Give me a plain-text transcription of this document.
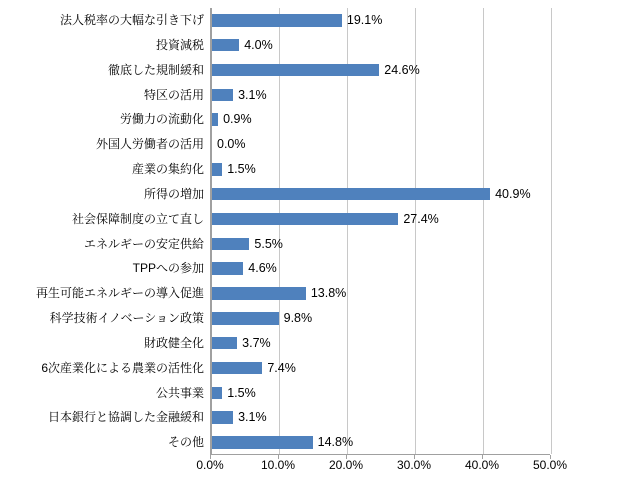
法人税率の大幅な引き下げ	19.1%
投資減税	4.0%
徹底した規制緩和	24.6%
特区の活用	3.1%
労働力の流動化	0.9%
外国人労働者の活用	0.0%
産業の集約化	1.5%
所得の増加	40.9%
社会保障制度の立て直し	27.4%
エネルギーの安定供給	5.5%
TPPへの参加	4.6%
再生可能エネルギーの導入促進	13.8%
科学技術イノベーション政策	9.8%
財政健全化	3.7%
6次産業化による農業の活性化	7.4%
公共事業	1.5%
日本銀行と協調した金融緩和	3.1%
その他	14.8%
0.0%	10.0%	20.0%	30.0%	40.0%	50.0%
